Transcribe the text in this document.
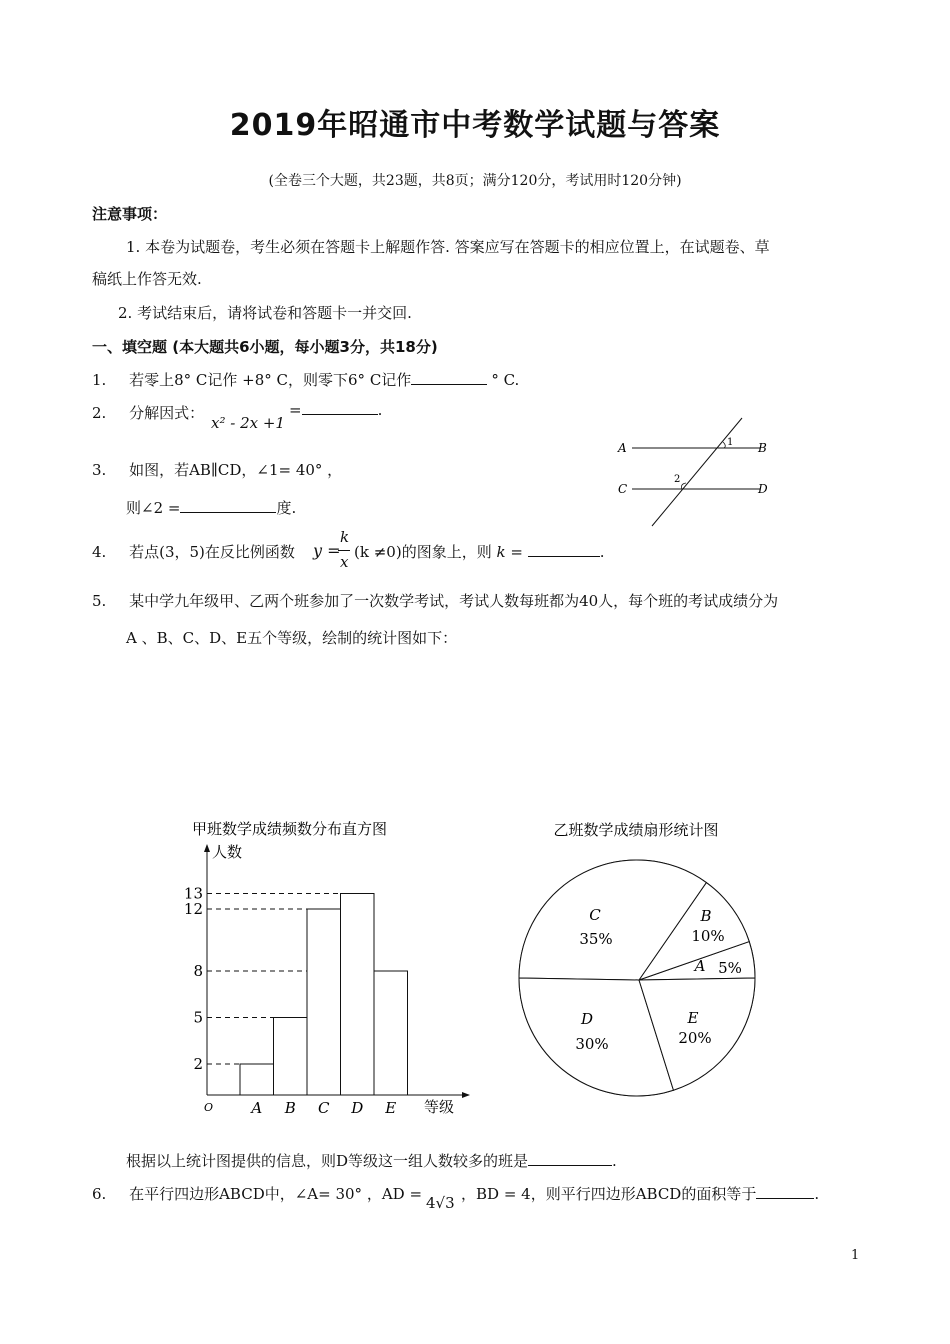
2019年昭通市中考数学试题与答案
(全卷三个大题，共23题，共8页；满分120分，考试用时120分钟)
注意事项：
1. 本卷为试题卷，考生必须在答题卡上解题作答. 答案应写在答题卡的相应位置上，在试题卷、草
稿纸上作答无效.
2. 考试结束后，请将试卷和答题卡一并交回.
一、填空题 (本大题共6小题，每小题3分，共18分)
1. 若零上8° C记作 +8° C，则零下6° C记作	° C.
2. 分解因式：
x² - 2x +1
=	.
3. 如图，若AB∥CD，∠1= 40° ，
则∠2 =	度.
A	B
C	D
1
2
4. 若点(3，5)在反比例函数 y =
k
x
(k ≠0)的图象上，则 k =	.
5. 某中学九年级甲、乙两个班参加了一次数学考试，考试人数每班都为40人，每个班的考试成绩分为
A 、B、C、D、E五个等级，绘制的统计图如下：
甲班数学成绩频数分布直方图
人数
2
5
8
12
13
A B C D E
O	等级
乙班数学成绩扇形统计图
A 5%
B
10%
C
35%
D
30%
E
20%
根据以上统计图提供的信息，则D等级这一组人数较多的班是	.
6. 在平行四边形ABCD中，∠A= 30° ，AD = 4√3 ，BD = 4，则平行四边形ABCD的面积等于	.
1
